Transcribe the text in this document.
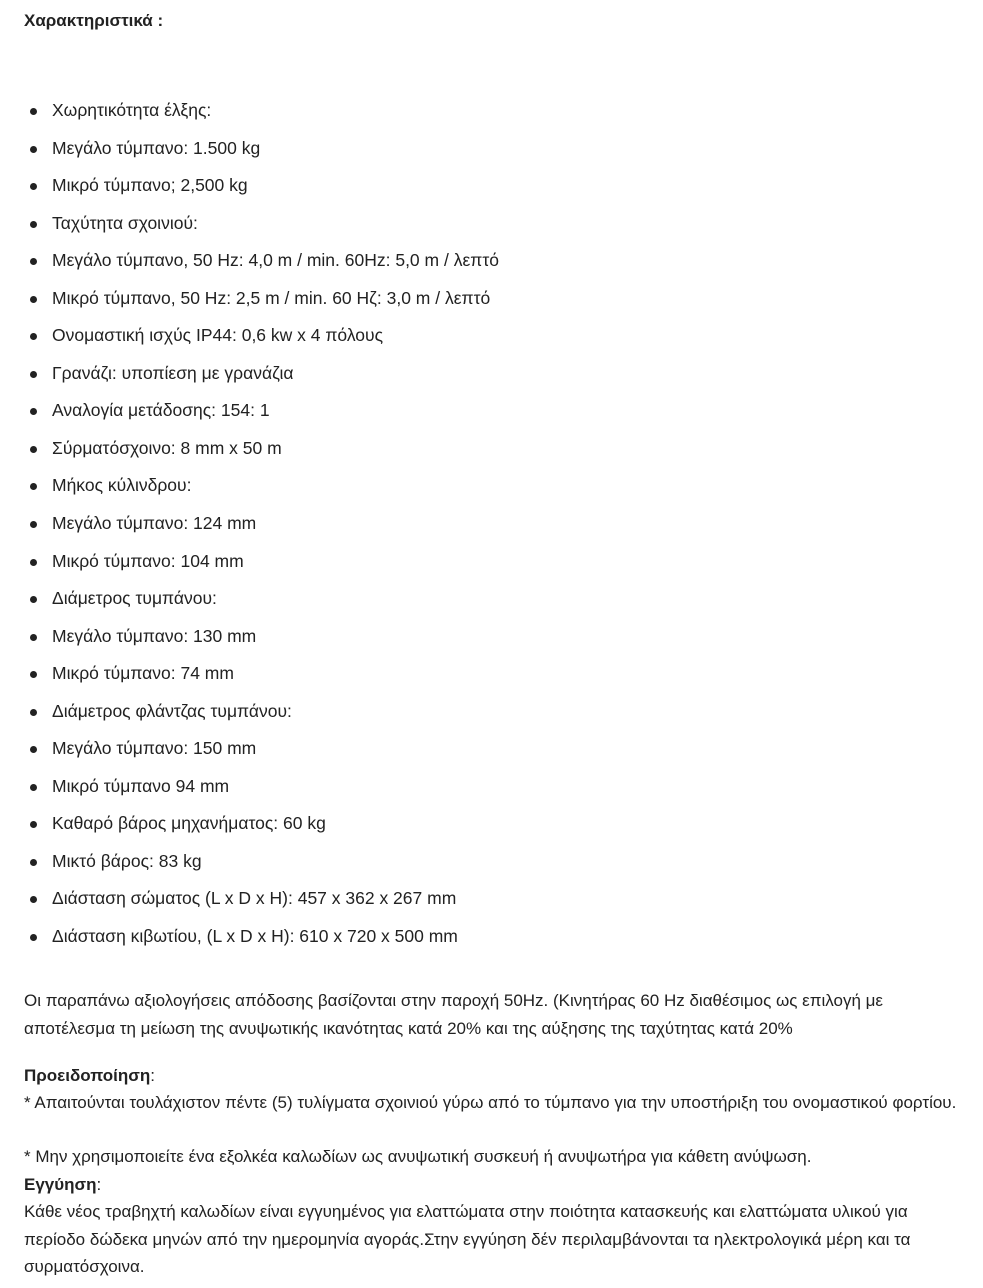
Χαρακτηριστικά :
Χωρητικότητα έλξης:
Μεγάλο τύμπανο: 1.500 kg
Μικρό τύμπανο; 2,500 kg
Ταχύτητα σχοινιού:
Μεγάλο τύμπανο, 50 Hz: 4,0 m / min. 60Hz: 5,0 m / λεπτό
Μικρό τύμπανο, 50 Hz: 2,5 m / min. 60 Ηζ: 3,0 m / λεπτό
Ονομαστική ισχύς IP44: 0,6 kw x 4 πόλους
Γρανάζι: υποπίεση με γρανάζια
Αναλογία μετάδοσης: 154: 1
Σύρματόσχοινο: 8 mm x 50 m
Μήκος κύλινδρου:
Μεγάλο τύμπανο: 124 mm
Μικρό τύμπανο: 104 mm
Διάμετρος τυμπάνου:
Μεγάλο τύμπανο: 130 mm
Μικρό τύμπανο: 74 mm
Διάμετρος φλάντζας τυμπάνου:
Μεγάλο τύμπανο: 150 mm
Μικρό τύμπανο 94 mm
Καθαρό βάρος μηχανήματος: 60 kg
Μικτό βάρος: 83 kg
Διάσταση σώματος (L x D x H): 457 x 362 x 267 mm
Διάσταση κιβωτίου, (L x D x H): 610 x 720 x 500 mm
Οι παραπάνω αξιολογήσεις απόδοσης βασίζονται στην παροχή 50Hz. (Κινητήρας 60 Hz διαθέσιμος ως επιλογή με αποτέλεσμα τη μείωση της ανυψωτικής ικανότητας κατά 20% και της αύξησης της ταχύτητας κατά 20%
Προειδοποίηση:
* Απαιτούνται τουλάχιστον πέντε (5) τυλίγματα σχοινιού γύρω από το τύμπανο για την υποστήριξη του ονομαστικού φορτίου.
* Μην χρησιμοποιείτε ένα εξολκέα καλωδίων ως ανυψωτική συσκευή ή ανυψωτήρα για κάθετη ανύψωση.
Εγγύηση:
Κάθε νέος τραβηχτή καλωδίων είναι εγγυημένος για ελαττώματα στην ποιότητα κατασκευής και ελαττώματα υλικού για περίοδο δώδεκα μηνών από την ημερομηνία αγοράς.Στην εγγύηση δέν περιλαμβάνονται τα ηλεκτρολογικά μέρη και τα συρματόσχοινα.
